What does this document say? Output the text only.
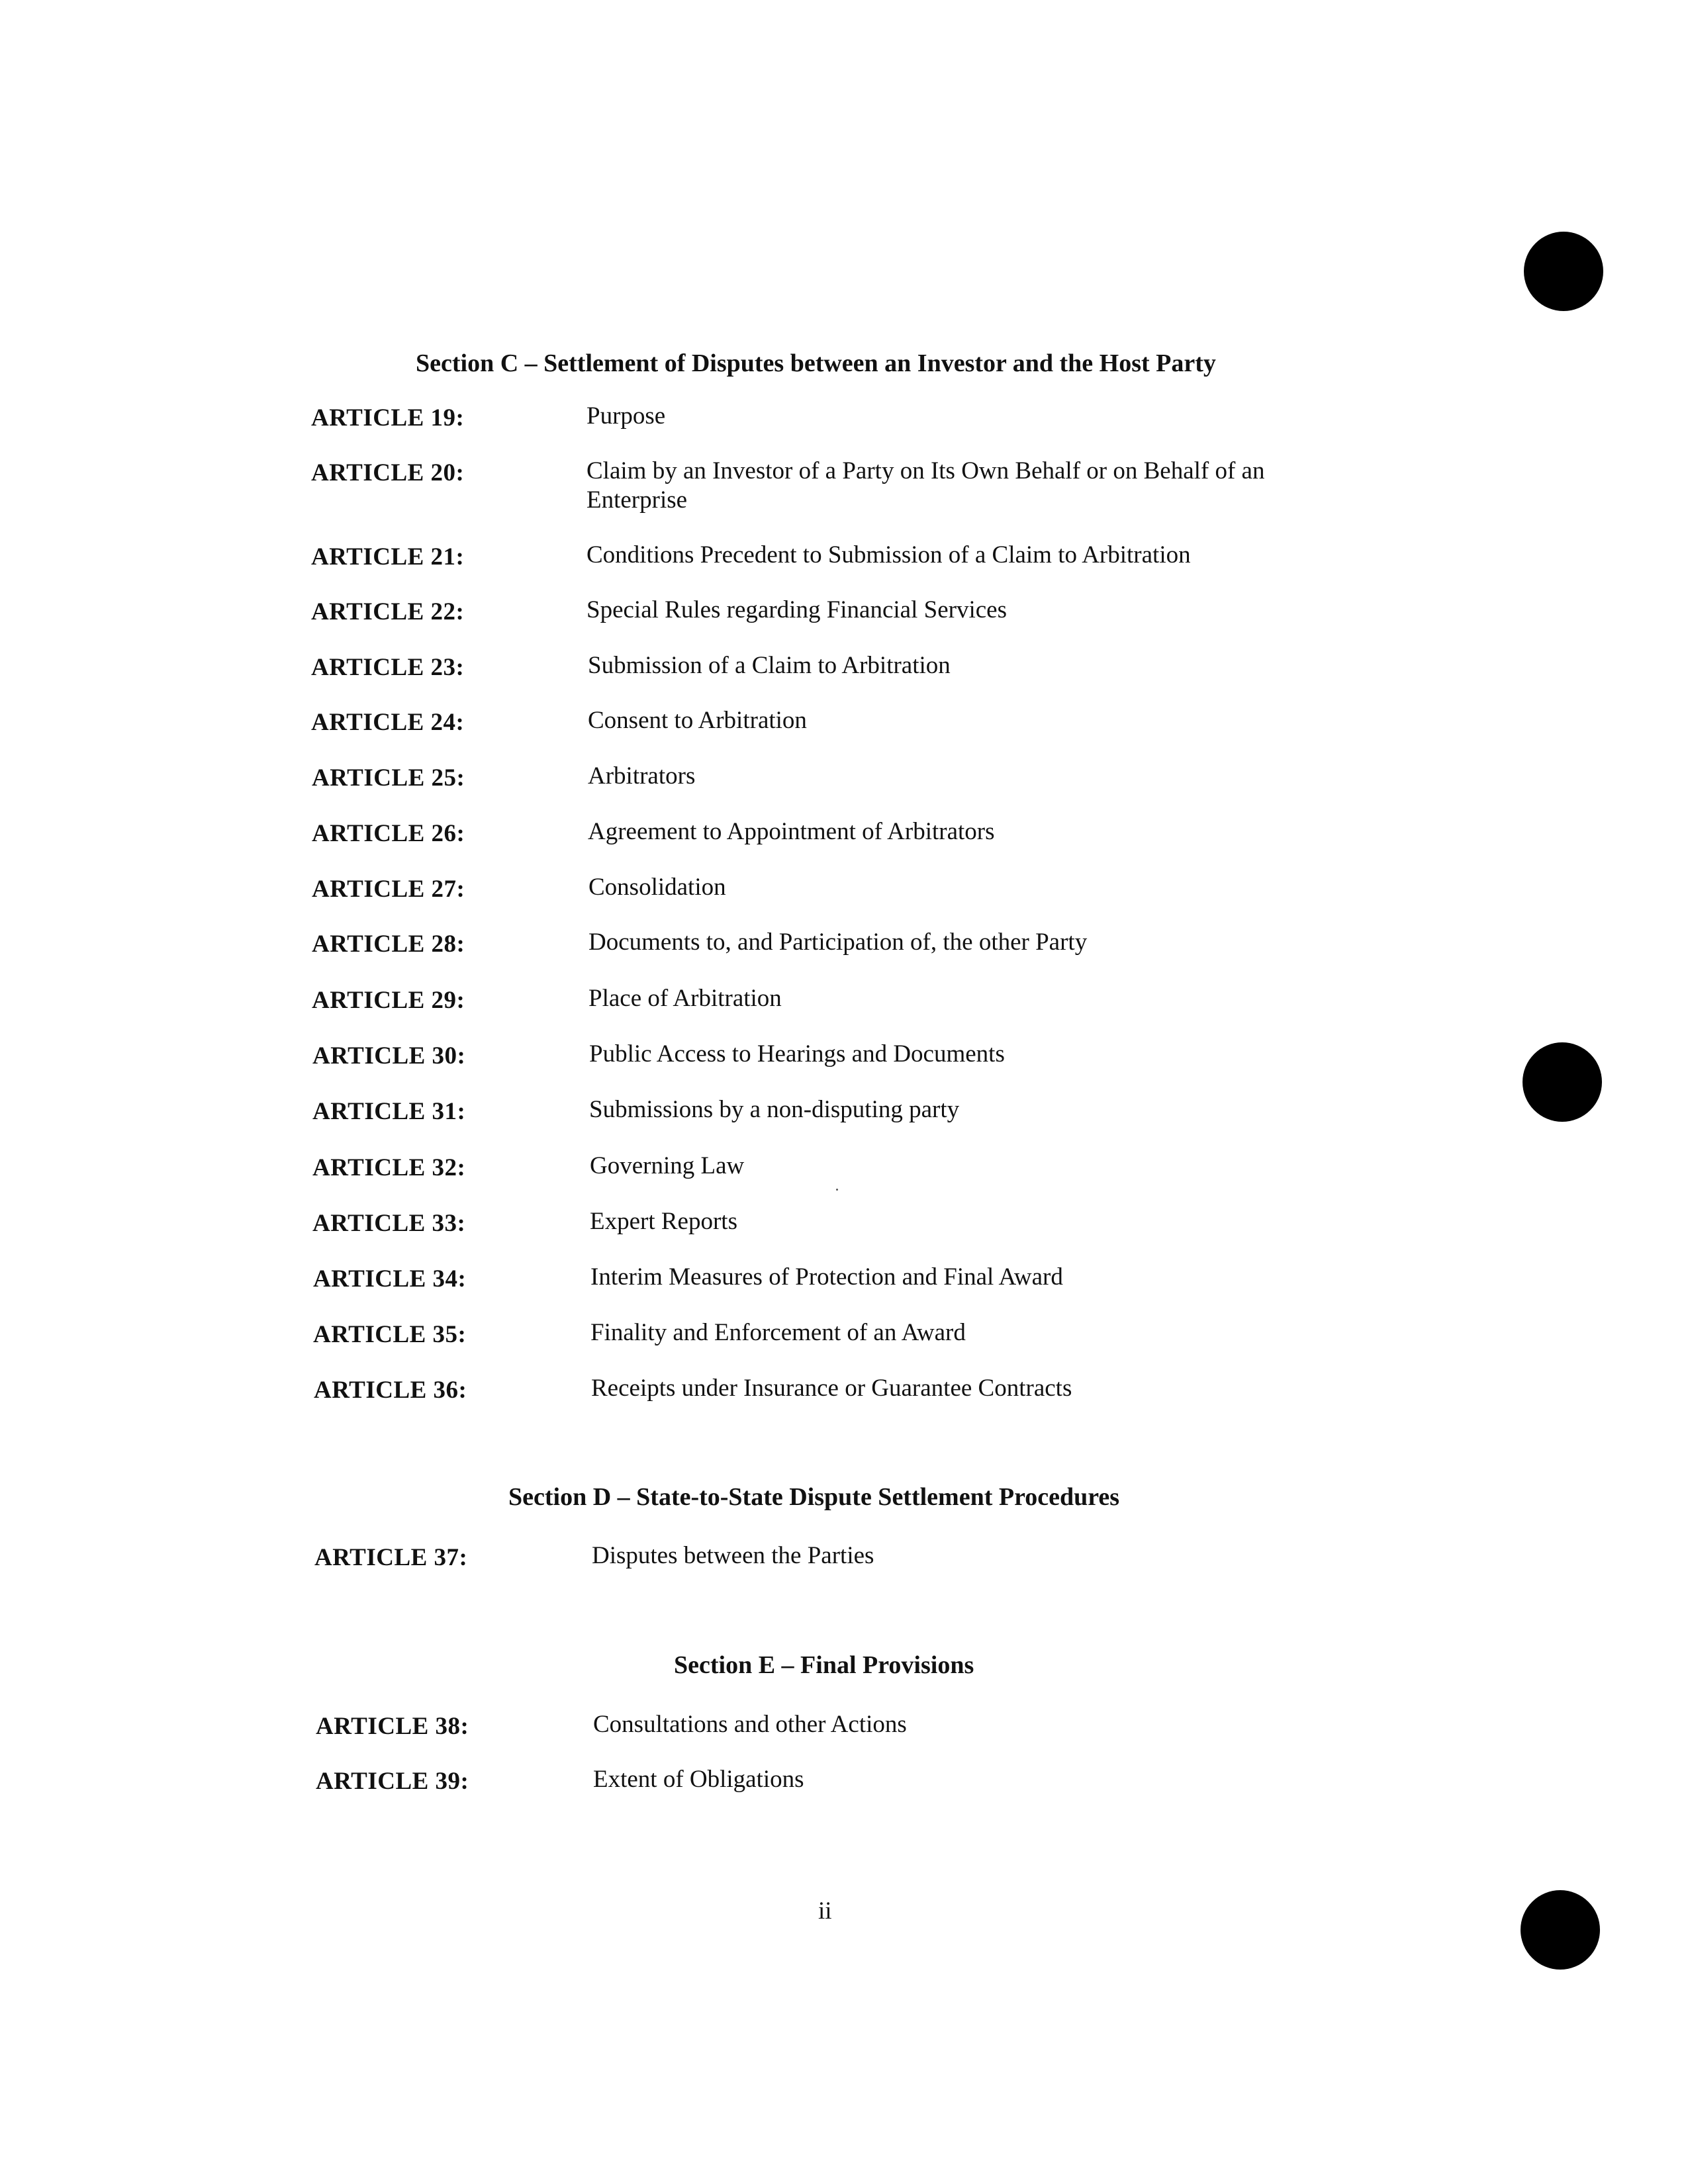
Section C – Settlement of Disputes between an Investor and the Host Party
ARTICLE 19:	Purpose
ARTICLE 20:	Claim by an Investor of a Party on Its Own Behalf or on Behalf of an Enterprise
ARTICLE 21:	Conditions Precedent to Submission of a Claim to Arbitration
ARTICLE 22:	Special Rules regarding Financial Services
ARTICLE 23:	Submission of a Claim to Arbitration
ARTICLE 24:	Consent to Arbitration
ARTICLE 25:	Arbitrators
ARTICLE 26:	Agreement to Appointment of Arbitrators
ARTICLE 27:	Consolidation
ARTICLE 28:	Documents to, and Participation of, the other Party
ARTICLE 29:	Place of Arbitration
ARTICLE 30:	Public Access to Hearings and Documents
ARTICLE 31:	Submissions by a non-disputing party
ARTICLE 32:	Governing Law
ARTICLE 33:	Expert Reports
ARTICLE 34:	Interim Measures of Protection and Final Award
ARTICLE 35:	Finality and Enforcement of an Award
ARTICLE 36:	Receipts under Insurance or Guarantee Contracts
Section D – State-to-State Dispute Settlement Procedures
ARTICLE 37:	Disputes between the Parties
Section E – Final Provisions
ARTICLE 38:	Consultations and other Actions
ARTICLE 39:	Extent of Obligations
ii
